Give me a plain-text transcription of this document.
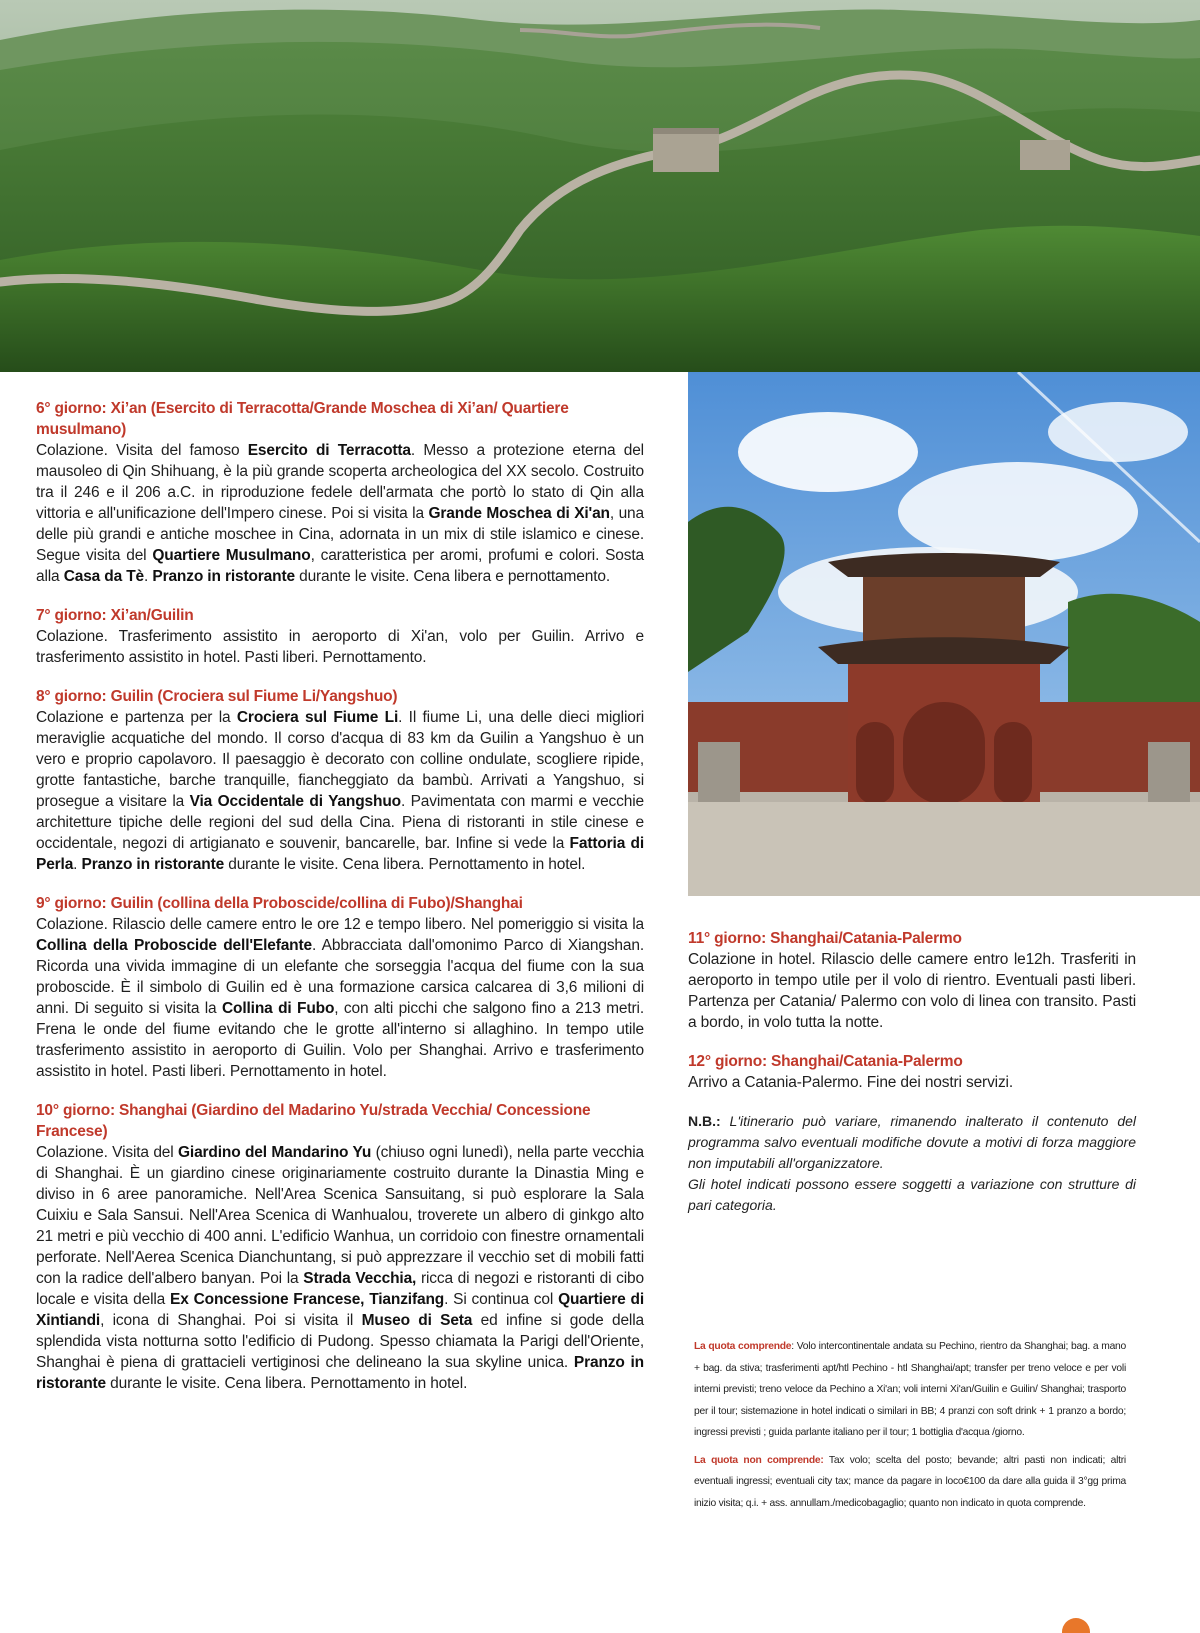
6° giorno: Xi’an (Esercito di Terracotta/Grande Moschea di Xi’an/ Quartiere musulmano)
Colazione. Visita del famoso Esercito di Terracotta. Messo a protezione eterna del mausoleo di Qin Shihuang, è la più grande scoperta archeologica del XX secolo. Costruito tra il 246 e il 206 a.C. in riproduzione fedele dell'armata che portò lo stato di Qin alla vittoria e all'unificazione dell'Impero cinese. Poi si visita la Grande Moschea di Xi'an, una delle più grandi e antiche moschee in Cina, adornata in un mix di stile islamico e cinese. Segue visita del Quartiere Musulmano, caratteristica per aromi, profumi e colori. Sosta alla Casa da Tè. Pranzo in ristorante durante le visite. Cena libera e pernottamento.
7° giorno: Xi’an/Guilin
Colazione. Trasferimento assistito in aeroporto di Xi'an, volo per Guilin. Arrivo e trasferimento assistito in hotel. Pasti liberi. Pernottamento.
8° giorno: Guilin (Crociera sul Fiume Li/Yangshuo)
Colazione e partenza per la Crociera sul Fiume Li. Il fiume Li, una delle dieci migliori meraviglie acquatiche del mondo. Il corso d'acqua di 83 km da Guilin a Yangshuo è un vero e proprio capolavoro. Il paesaggio è decorato con colline ondulate, scogliere ripide, grotte fantastiche, barche tranquille, fiancheggiato da bambù. Arrivati a Yangshuo, si prosegue a visitare la Via Occidentale di Yangshuo. Pavimentata con marmi e vecchie architetture tipiche delle regioni del sud della Cina. Piena di ristoranti in stile cinese e occidentale, negozi di artigianato e souvenir, bancarelle, bar. Infine si vede la Fattoria di Perla. Pranzo in ristorante durante le visite. Cena libera. Pernottamento in hotel.
9° giorno: Guilin (collina della Proboscide/collina di Fubo)/Shanghai
Colazione. Rilascio delle camere entro le ore 12 e tempo libero. Nel pomeriggio si visita la Collina della Proboscide dell'Elefante. Abbracciata dall'omonimo Parco di Xiangshan. Ricorda una vivida immagine di un elefante che sorseggia l'acqua del fiume con la sua proboscide. È il simbolo di Guilin ed è una formazione carsica calcarea di 3,6 milioni di anni. Di seguito si visita la Collina di Fubo, con alti picchi che salgono fino a 213 metri. Frena le onde del fiume evitando che le grotte all'interno si allaghino. In tempo utile trasferimento assistito in aeroporto di Guilin. Volo per Shanghai. Arrivo e trasferimento assistito in hotel. Pasti liberi. Pernottamento in hotel.
10° giorno: Shanghai (Giardino del Madarino Yu/strada Vecchia/ Concessione Francese)
Colazione. Visita del Giardino del Mandarino Yu (chiuso ogni lunedì), nella parte vecchia di Shanghai. È un giardino cinese originariamente costruito durante la Dinastia Ming e diviso in 6 aree panoramiche. Nell'Area Scenica Sansuitang, si può esplorare la Sala Cuixiu e Sala Sansui. Nell'Area Scenica di Wanhualou, troverete un albero di ginkgo alto 21 metri e più vecchio di 400 anni. L'edificio Wanhua, un corridoio con finestre ornamentali perforate. Nell'Aerea Scenica Dianchuntang, si può apprezzare il vecchio set di mobili fatti con la radice dell'albero banyan. Poi la Strada Vecchia, ricca di negozi e ristoranti di cibo locale e visita della Ex Concessione Francese, Tianzifang. Si continua col Quartiere di Xintiandi, icona di Shanghai. Poi si visita il Museo di Seta ed infine si gode della splendida vista notturna sotto l'edificio di Pudong. Spesso chiamata la Parigi dell'Oriente, Shanghai è piena di grattacieli vertiginosi che delineano la sua skyline unica. Pranzo in ristorante durante le visite. Cena libera. Pernottamento in hotel.
11° giorno: Shanghai/Catania-Palermo
Colazione in hotel. Rilascio delle camere entro le12h. Trasferiti in aeroporto in tempo utile per il volo di rientro. Eventuali pasti liberi. Partenza per Catania/ Palermo con volo di linea con transito. Pasti a bordo, in volo tutta la notte.
12° giorno: Shanghai/Catania-Palermo
Arrivo a Catania-Palermo. Fine dei nostri servizi.
N.B.: L'itinerario può variare, rimanendo inalterato il contenuto del programma salvo eventuali modifiche dovute a motivi di forza maggiore non imputabili all'organizzatore.
Gli hotel indicati possono essere soggetti a variazione con strutture di pari categoria.

La quota comprende: Volo intercontinentale andata su Pechino, rientro da Shanghai; bag. a mano + bag. da stiva; trasferimenti apt/htl Pechino - htl Shanghai/apt; transfer per treno veloce e per voli interni previsti; treno veloce da Pechino a Xi'an; voli interni Xi'an/Guilin e Guilin/ Shanghai; trasporto per il tour; sistemazione in hotel indicati o similari in BB; 4 pranzi con soft drink + 1 pranzo a bordo; ingressi previsti ; guida parlante italiano per il tour; 1 bottiglia d'acqua /giorno.

La quota non comprende: Tax volo; scelta del posto; bevande; altri pasti non indicati; altri eventuali ingressi; eventuali city tax; mance da pagare in loco€100 da dare alla guida il 3°gg prima inizio visita; q.i. + ass. annullam./medicobagaglio; quanto non indicato in quota comprende.
